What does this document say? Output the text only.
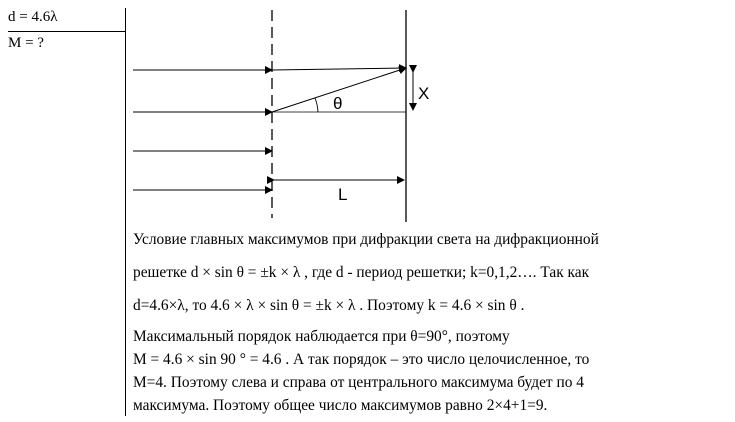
d = 4.6λ
M = ?
X
θ
L
Условие главных максимумов при дифракции света на дифракционной
решетке d × sin θ = ±k × λ , где d - период решетки; k=0,1,2…. Так как
d=4.6×λ, то 4.6 × λ × sin θ = ±k × λ . Поэтому k = 4.6 × sin θ .
Максимальный порядок наблюдается при θ=90°, поэтому
M = 4.6 × sin 90 ° = 4.6 . А так порядок – это число целочисленное, то
M=4. Поэтому слева и справа от центрального максимума будет по 4
максимума. Поэтому общее число максимумов равно 2×4+1=9.
